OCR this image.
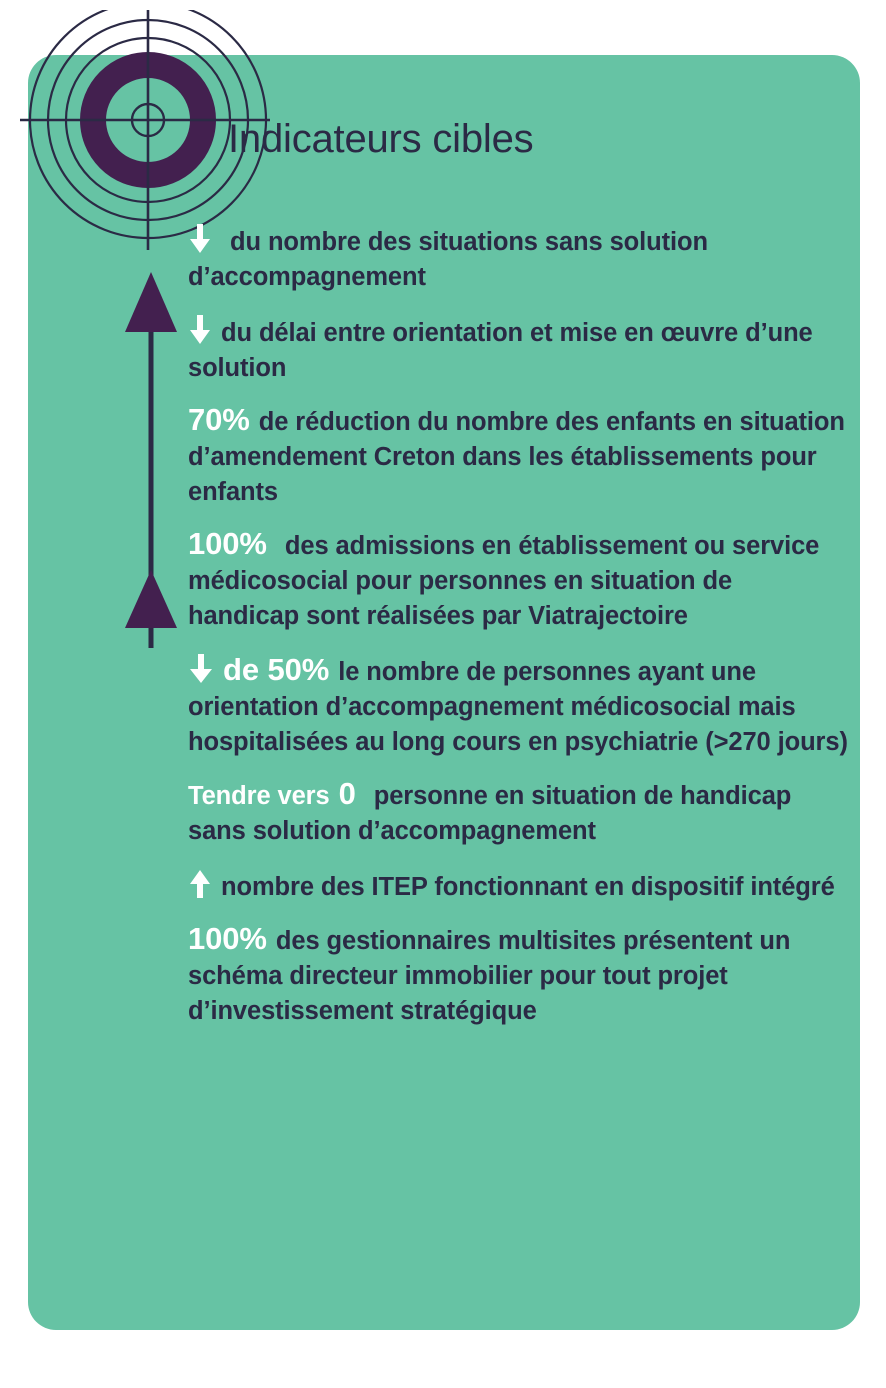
Indicateurs cibles
du nombre des situations sans solution d’accompagnement
du délai entre orientation et mise en œuvre d’une solution
70% de réduction du nombre des enfants en situation d’amendement Creton dans les établissements pour enfants
100% des admissions en établissement ou service médicosocial pour personnes en situation de handicap sont réalisées par Viatrajectoire
de 50% le nombre de personnes ayant une orientation d’accompagnement médicosocial mais hospitalisées au long cours en psychiatrie (>270 jours)
Tendre vers 0 personne en situation de handicap sans solution d’accompagnement
nombre des ITEP fonctionnant en dispositif intégré
100% des gestionnaires multisites présentent un schéma directeur immobilier pour tout projet d’investissement stratégique
